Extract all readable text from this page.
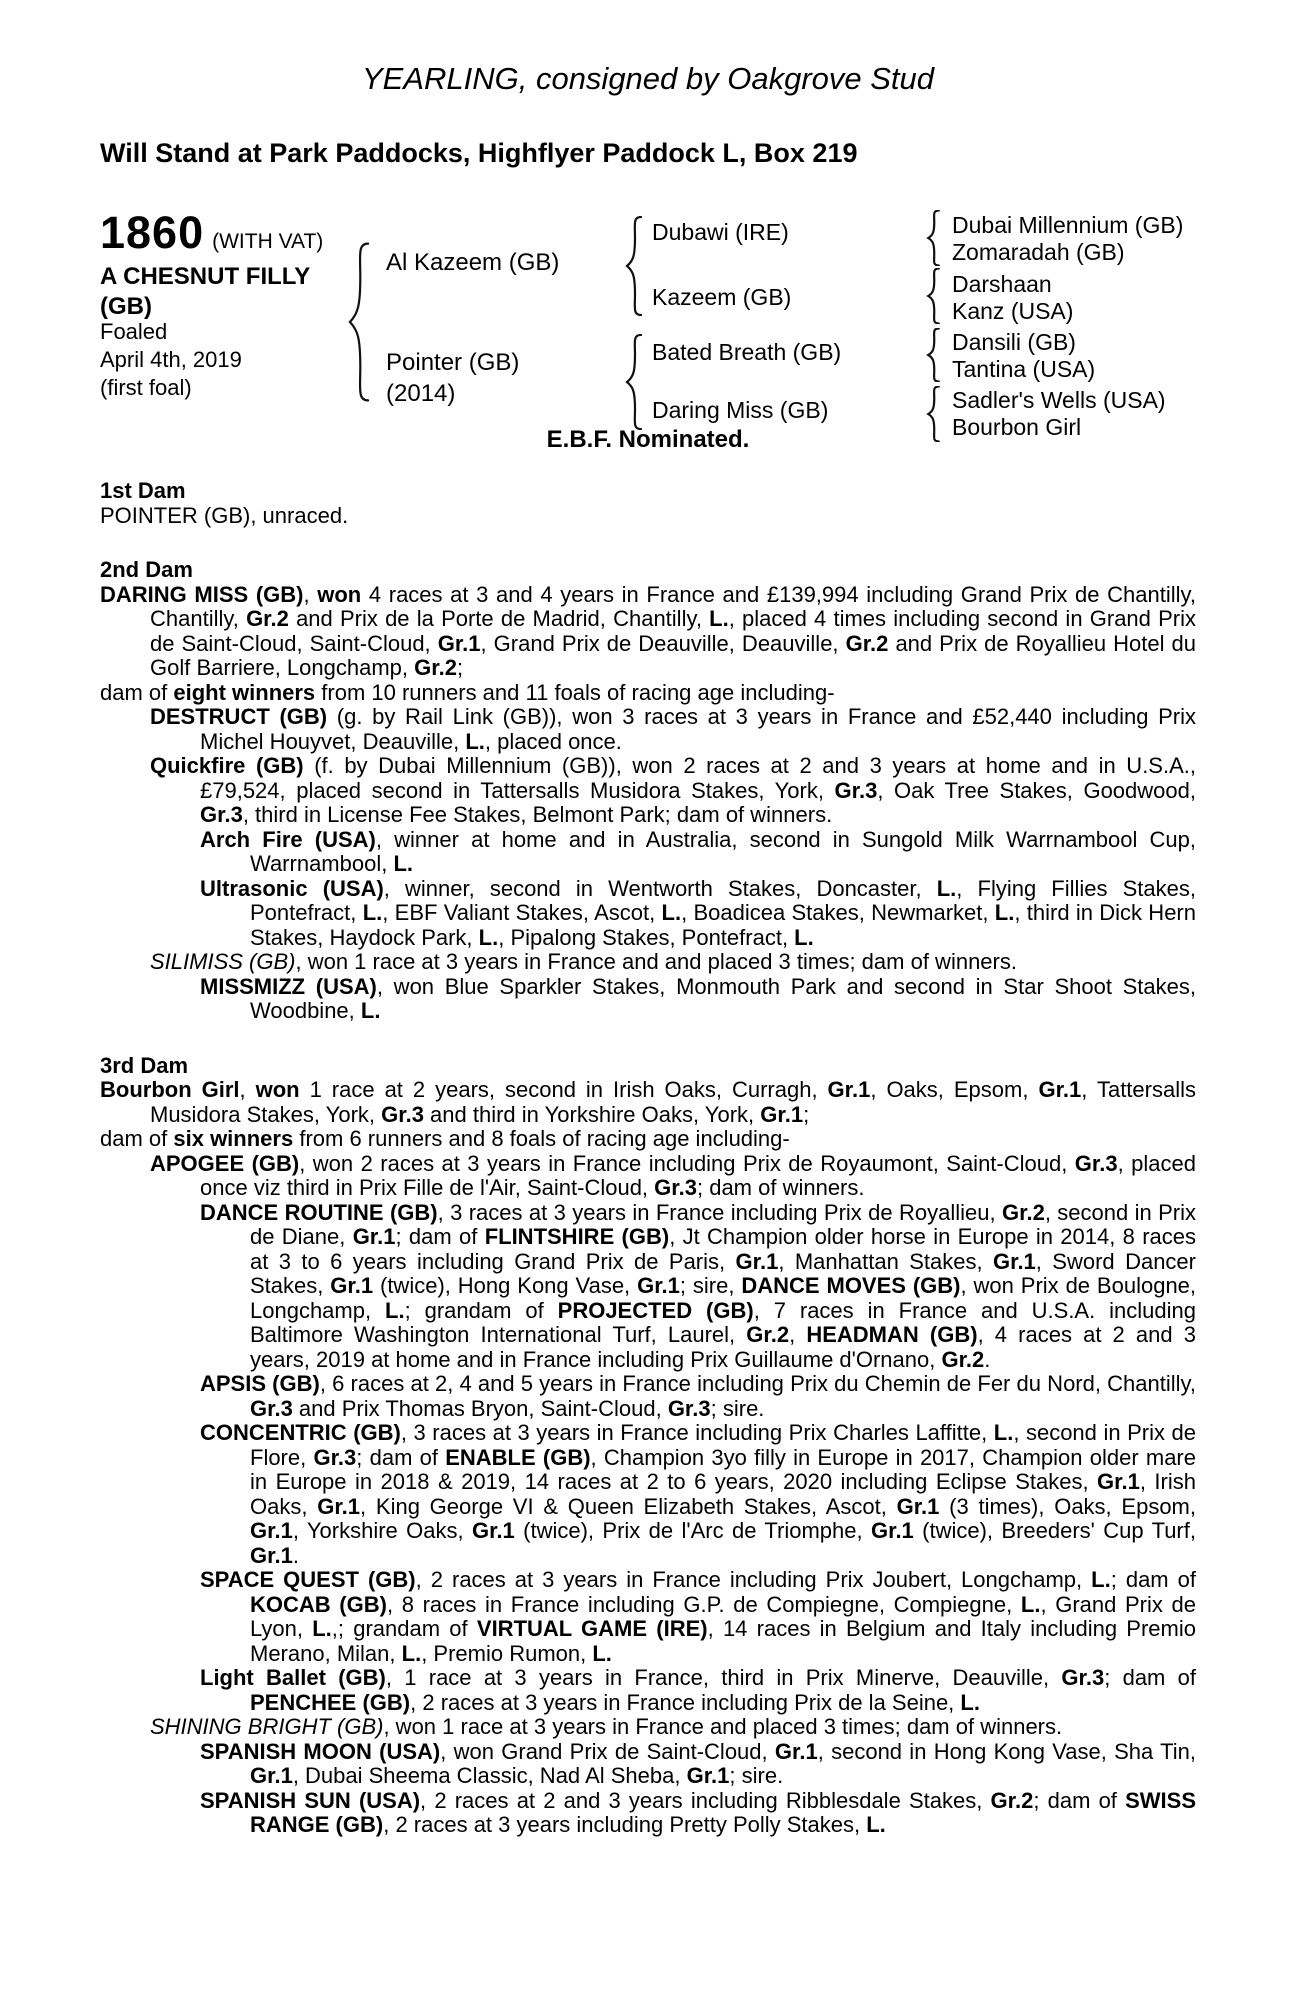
YEARLING, consigned by Oakgrove Stud
Will Stand at Park Paddocks, Highflyer Paddock L, Box 219
1860 (WITH VAT)
A CHESNUT FILLY
(GB)
Foaled
April 4th, 2019
(first foal)
Al Kazeem (GB)
Pointer (GB)
(2014)
Dubawi (IRE)
Kazeem (GB)
Bated Breath (GB)
Daring Miss (GB)
Dubai Millennium (GB)
Zomaradah (GB)
Darshaan
Kanz (USA)
Dansili (GB)
Tantina (USA)
Sadler's Wells (USA)
Bourbon Girl
E.B.F. Nominated.
1st Dam

POINTER (GB), unraced.

2nd Dam

DARING MISS (GB), won 4 races at 3 and 4 years in France and £139,994 including Grand Prix de Chantilly, Chantilly, Gr.2 and Prix de la Porte de Madrid, Chantilly, L., placed 4 times including second in Grand Prix de Saint-Cloud, Saint-Cloud, Gr.1, Grand Prix de Deauville, Deauville, Gr.2 and Prix de Royallieu Hotel du Golf Barriere, Longchamp, Gr.2;

dam of eight winners from 10 runners and 11 foals of racing age including-

DESTRUCT (GB) (g. by Rail Link (GB)), won 3 races at 3 years in France and £52,440 including Prix Michel Houyvet, Deauville, L., placed once.

Quickfire (GB) (f. by Dubai Millennium (GB)), won 2 races at 2 and 3 years at home and in U.S.A., £79,524, placed second in Tattersalls Musidora Stakes, York, Gr.3, Oak Tree Stakes, Goodwood, Gr.3, third in License Fee Stakes, Belmont Park; dam of winners.

Arch Fire (USA), winner at home and in Australia, second in Sungold Milk Warrnambool Cup, Warrnambool, L.

Ultrasonic (USA), winner, second in Wentworth Stakes, Doncaster, L., Flying Fillies Stakes, Pontefract, L., EBF Valiant Stakes, Ascot, L., Boadicea Stakes, Newmarket, L., third in Dick Hern Stakes, Haydock Park, L., Pipalong Stakes, Pontefract, L.

SILIMISS (GB), won 1 race at 3 years in France and and placed 3 times; dam of winners.

MISSMIZZ (USA), won Blue Sparkler Stakes, Monmouth Park and second in Star Shoot Stakes, Woodbine, L.

3rd Dam

Bourbon Girl, won 1 race at 2 years, second in Irish Oaks, Curragh, Gr.1, Oaks, Epsom, Gr.1, Tattersalls Musidora Stakes, York, Gr.3 and third in Yorkshire Oaks, York, Gr.1;

dam of six winners from 6 runners and 8 foals of racing age including-

APOGEE (GB), won 2 races at 3 years in France including Prix de Royaumont, Saint-Cloud, Gr.3, placed once viz third in Prix Fille de l'Air, Saint-Cloud, Gr.3; dam of winners.

DANCE ROUTINE (GB), 3 races at 3 years in France including Prix de Royallieu, Gr.2, second in Prix de Diane, Gr.1; dam of FLINTSHIRE (GB), Jt Champion older horse in Europe in 2014, 8 races at 3 to 6 years including Grand Prix de Paris, Gr.1, Manhattan Stakes, Gr.1, Sword Dancer Stakes, Gr.1 (twice), Hong Kong Vase, Gr.1; sire, DANCE MOVES (GB), won Prix de Boulogne, Longchamp, L.; grandam of PROJECTED (GB), 7 races in France and U.S.A. including Baltimore Washington International Turf, Laurel, Gr.2, HEADMAN (GB), 4 races at 2 and 3 years, 2019 at home and in France including Prix Guillaume d'Ornano, Gr.2.

APSIS (GB), 6 races at 2, 4 and 5 years in France including Prix du Chemin de Fer du Nord, Chantilly, Gr.3 and Prix Thomas Bryon, Saint-Cloud, Gr.3; sire.

CONCENTRIC (GB), 3 races at 3 years in France including Prix Charles Laffitte, L., second in Prix de Flore, Gr.3; dam of ENABLE (GB), Champion 3yo filly in Europe in 2017, Champion older mare in Europe in 2018 & 2019, 14 races at 2 to 6 years, 2020 including Eclipse Stakes, Gr.1, Irish Oaks, Gr.1, King George VI & Queen Elizabeth Stakes, Ascot, Gr.1 (3 times), Oaks, Epsom, Gr.1, Yorkshire Oaks, Gr.1 (twice), Prix de l'Arc de Triomphe, Gr.1 (twice), Breeders' Cup Turf, Gr.1.

SPACE QUEST (GB), 2 races at 3 years in France including Prix Joubert, Longchamp, L.; dam of KOCAB (GB), 8 races in France including G.P. de Compiegne, Compiegne, L., Grand Prix de Lyon, L.,; grandam of VIRTUAL GAME (IRE), 14 races in Belgium and Italy including Premio Merano, Milan, L., Premio Rumon, L.

Light Ballet (GB), 1 race at 3 years in France, third in Prix Minerve, Deauville, Gr.3; dam of PENCHEE (GB), 2 races at 3 years in France including Prix de la Seine, L.

SHINING BRIGHT (GB), won 1 race at 3 years in France and placed 3 times; dam of winners.

SPANISH MOON (USA), won Grand Prix de Saint-Cloud, Gr.1, second in Hong Kong Vase, Sha Tin, Gr.1, Dubai Sheema Classic, Nad Al Sheba, Gr.1; sire.

SPANISH SUN (USA), 2 races at 2 and 3 years including Ribblesdale Stakes, Gr.2; dam of SWISS RANGE (GB), 2 races at 3 years including Pretty Polly Stakes, L.
